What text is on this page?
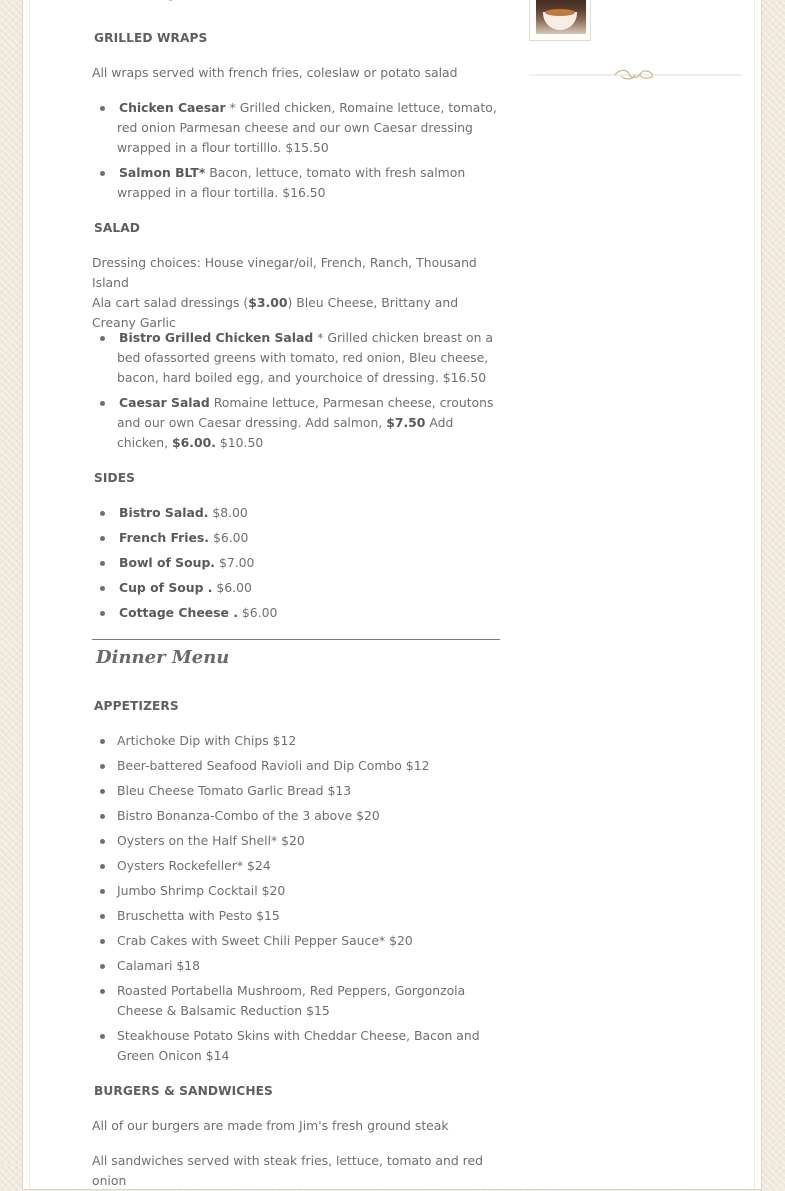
GRILLED WRAPS

All wraps served with french fries, coleslaw or potato salad

Chicken Caesar * Grilled chicken, Romaine lettuce, tomato, red onion Parmesan cheese and our own Caesar dressing wrapped in a flour tortilllo. $15.50
Salmon BLT* Bacon, lettuce, tomato with fresh salmon wrapped in a flour tortilla. $16.50

SALAD

Dressing choices: House vinegar/oil, French, Ranch, Thousand Island
Ala cart salad dressings ($3.00) Bleu Cheese, Brittany and Creany Garlic

Bistro Grilled Chicken Salad * Grilled chicken breast on a bed ofassorted greens with tomato, red onion, Bleu cheese, bacon, hard boiled egg, and yourchoice of dressing. $16.50
Caesar Salad Romaine lettuce, Parmesan cheese, croutons and our own Caesar dressing. Add salmon, $7.50 Add chicken, $6.00. $10.50

SIDES

Bistro Salad. $8.00
French Fries. $6.00
Bowl of Soup. $7.00
Cup of Soup . $6.00
Cottage Cheese . $6.00
Dinner Menu

APPETIZERS

Artichoke Dip with Chips $12
Beer-battered Seafood Ravioli and Dip Combo $12
Bleu Cheese Tomato Garlic Bread $13
Bistro Bonanza-Combo of the 3 above $20
Oysters on the Half Shell* $20
Oysters Rockefeller* $24
Jumbo Shrimp Cocktail $20
Bruschetta with Pesto $15
Crab Cakes with Sweet Chili Pepper Sauce* $20
Calamari $18
Roasted Portabella Mushroom, Red Peppers, Gorgonzola Cheese & Balsamic Reduction $15
Steakhouse Potato Skins with Cheddar Cheese, Bacon and Green Onicon $14

BURGERS & SANDWICHES

All of our burgers are made from Jim's fresh ground steak

All sandwiches served with steak fries, lettuce, tomato and red onion
